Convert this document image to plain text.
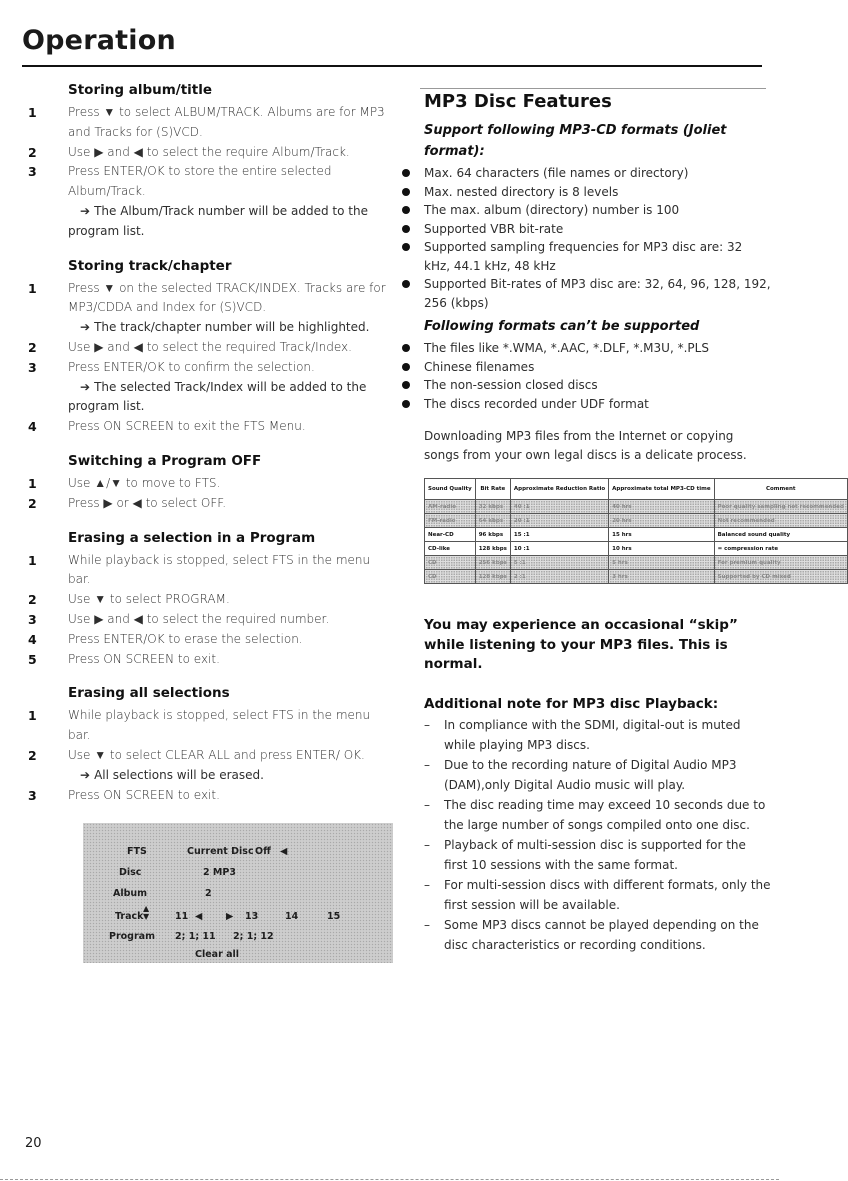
Operation
Storing album/title
1	Press ▼ to select ALBUM/TRACK. Albums are for MP3 and Tracks for (S)VCD.
2	Use ▶ and ◀ to select the require Album/Track.
3	Press ENTER/OK to store the entire selected Album/Track.
➔ The Album/Track number will be added to the program list.
Storing track/chapter
1	Press ▼ on the selected TRACK/INDEX. Tracks are for MP3/CDDA and Index for (S)VCD.
➔ The track/chapter number will be highlighted.
2	Use ▶ and ◀ to select the required Track/Index.
3	Press ENTER/OK to confirm the selection.
➔ The selected Track/Index will be added to the program list.
4	Press ON SCREEN to exit the FTS Menu.
Switching a Program OFF
1	Use ▲/▼ to move to FTS.
2	Press ▶ or ◀ to select OFF.
Erasing a selection in a Program
1	While playback is stopped, select FTS in the menu bar.
2	Use ▼ to select PROGRAM.
3	Use ▶ and ◀ to select the required number.
4	Press ENTER/OK to erase the selection.
5	Press ON SCREEN to exit.
Erasing all selections
1	While playback is stopped, select FTS in the menu bar.
2	Use ▼ to select CLEAR ALL and press ENTER/ OK.
➔ All selections will be erased.
3	Press ON SCREEN to exit.
FTS	Current Disc Off ◀
Disc	2 MP3
Album	2
Track
▲ ▼	11 ◀ ▶ 13	14	15
Program 2; 1; 11 2; 1; 12
Clear all
MP3 Disc Features
Support following MP3-CD formats (Joliet format):
Max. 64 characters (file names or directory)
Max. nested directory is 8 levels
The max. album (directory) number is 100
Supported VBR bit-rate
Supported sampling frequencies for MP3 disc are: 32 kHz, 44.1 kHz, 48 kHz
Supported Bit-rates of MP3 disc are: 32, 64, 96, 128, 192, 256 (kbps)
Following formats can’t be supported
The files like *.WMA, *.AAC, *.DLF, *.M3U, *.PLS
Chinese filenames
The non-session closed discs
The discs recorded under UDF format
Downloading MP3 files from the Internet or copying songs from your own legal discs is a delicate process.
Sound Quality	Bit Rate	Approximate Reduction Ratio	Approximate total MP3-CD time	Comment
AM-radio	32 kbps	40 :1	40 hrs	Poor quality sampling not recommended
FM-radio	64 kbps	20 :1	20 hrs	Not recommended
Near-CD	96 kbps	15 :1	15 hrs	Balanced sound quality
CD-like	128 kbps	10 :1	10 hrs	= compression rate
CD	256 kbps	5 :1	5 hrs	For premium quality
CD	128 kbps	2 :1	3 hrs	Supported by CD mixed
You may experience an occasional “skip” while listening to your MP3 files. This is normal.
Additional note for MP3 disc Playback:
– In compliance with the SDMI, digital-out is muted while playing MP3 discs.
– Due to the recording nature of Digital Audio MP3 (DAM),only Digital Audio music will play.
– The disc reading time may exceed 10 seconds due to the large number of songs compiled onto one disc.
– Playback of multi-session disc is supported for the first 10 sessions with the same format.
– For multi-session discs with different formats, only the first session will be available.
– Some MP3 discs cannot be played depending on the disc characteristics or recording conditions.
20
